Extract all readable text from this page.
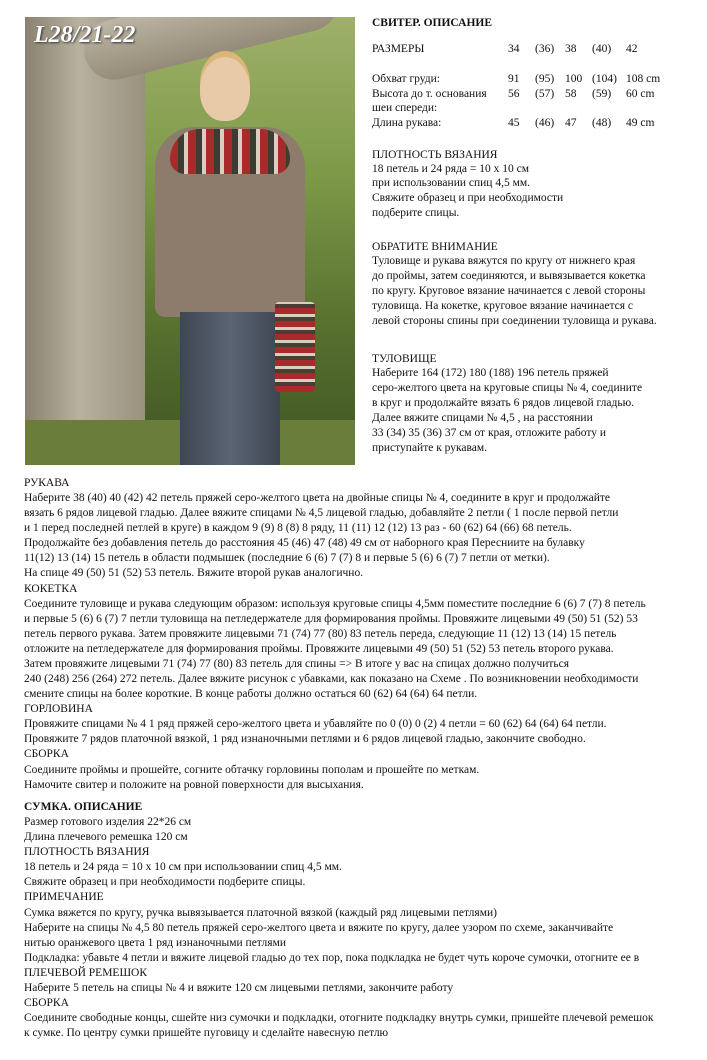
L28/21-22	СВИТЕР. ОПИСАНИЕ
РАЗМЕРЫ	34	(36)	38	(40)	42
Обхват груди:	91	(95)	100	(104)	108 cm
Высота до т. основания	56	(57)	58	(59)	60 cm
шеи спереди:					
Длина рукава:	45	(46)	47	(48)	49 cm
ПЛОТНОСТЬ ВЯЗАНИЯ
18 петель и 24 ряда = 10 х 10 см
при использовании спиц 4,5 мм.
Свяжите образец и при необходимости
подберите спицы.
ОБРАТИТЕ ВНИМАНИЕ
Туловище и рукава вяжутся по кругу от нижнего края
до проймы, затем соединяются, и вывязывается кокетка
по кругу. Круговое вязание начинается с левой стороны
туловища. На кокетке, круговое вязание начинается с
левой стороны спины при соединении туловища и рукава.
ТУЛОВИЩЕ
Наберите 164 (172) 180 (188) 196 петель пряжей
серо-желтого цвета на круговые спицы № 4, соедините
в круг и продолжайте вязать 6 рядов лицевой гладью.
Далее вяжите спицами № 4,5 , на расстоянии
33 (34) 35 (36) 37 см от края, отложите работу и
приступайте к рукавам.
РУКАВА
Наберите 38 (40) 40 (42) 42 петель пряжей серо-желтого цвета на двойные спицы № 4, соедините в круг и продолжайте
вязать 6 рядов лицевой гладью. Далее вяжите спицами № 4,5 лицевой гладью, добавляйте 2 петли ( 1 после первой петли
и 1 перед последней петлей в круге) в каждом 9 (9) 8 (8) 8 ряду, 11 (11) 12 (12) 13 раз - 60 (62) 64 (66) 68 петель.
Продолжайте без добавления петель до расстояния 45 (46) 47 (48) 49 см от наборного края Пересниите на булавку
11(12) 13 (14) 15 петель в области подмышек (последние 6 (6) 7 (7) 8 и первые 5 (6) 6 (7) 7 петли от метки).
На спице 49 (50) 51 (52) 53 петель. Вяжите второй рукав аналогично.
КОКЕТКА
Соедините туловище и рукава следующим образом: используя круговые спицы 4,5мм поместите последние 6 (6) 7 (7) 8 петель
и первые 5 (6) 6 (7) 7 петли туловища на петледержателе для формирования проймы. Провяжите лицевыми 49 (50) 51 (52) 53
петель первого рукава. Затем провяжите лицевыми 71 (74) 77 (80) 83 петель переда, следующие 11 (12) 13 (14) 15 петель
отложите на петледержателе для формирования проймы. Провяжите лицевыми 49 (50) 51 (52) 53 петель второго рукава.
Затем провяжите лицевыми 71 (74) 77 (80) 83 петель для спины => В итоге у вас на спицах должно получиться
240 (248) 256 (264) 272 петель. Далее вяжите рисунок с убавками, как показано на Схеме . По возникновении необходимости
смените спицы на более короткие. В конце работы должно остаться 60 (62) 64 (64) 64 петли.
ГОРЛОВИНА
Провяжите спицами № 4 1 ряд пряжей серо-желтого цвета и убавляйте по 0 (0) 0 (2) 4 петли = 60 (62) 64 (64) 64 петли.
Провяжите 7 рядов платочной вязкой, 1 ряд изнаночными петлями и 6 рядов лицевой гладью, закончите свободно.
СБОРКА
Соедините проймы и прошейте, согните обтачку горловины пополам и прошейте по меткам.
Намочите свитер и положите на ровной поверхности для высыхания.
СУМКА. ОПИСАНИЕ
Размер готового изделия 22*26 см
Длина плечевого ремешка 120 см
ПЛОТНОСТЬ ВЯЗАНИЯ
18 петель и 24 ряда = 10 х 10 см при использовании спиц 4,5 мм.
Свяжите образец и при необходимости подберите спицы.
ПРИМЕЧАНИЕ
Сумка вяжется по кругу, ручка вывязывается платочной вязкой (каждый ряд лицевыми петлями)
Наберите на спицы № 4,5 80 петель пряжей серо-желтого цвета и вяжите по кругу, далее узором по схеме, заканчивайте
нитью оранжевого цвета 1 ряд изнаночными петлями
Подкладка: убавьте 4 петли и вяжите лицевой гладью до тех пор, пока подкладка не будет чуть короче сумочки, отогните ее в
ПЛЕЧЕВОЙ РЕМЕШОК
Наберите 5 петель на спицы № 4 и вяжите 120 см лицевыми петлями, закончите работу
СБОРКА
Соедините свободные концы, сшейте низ сумочки и подкладки, отогните подкладку внутрь сумки, пришейте плечевой ремешок
к сумке. По центру сумки пришейте пуговицу и сделайте навесную петлю
